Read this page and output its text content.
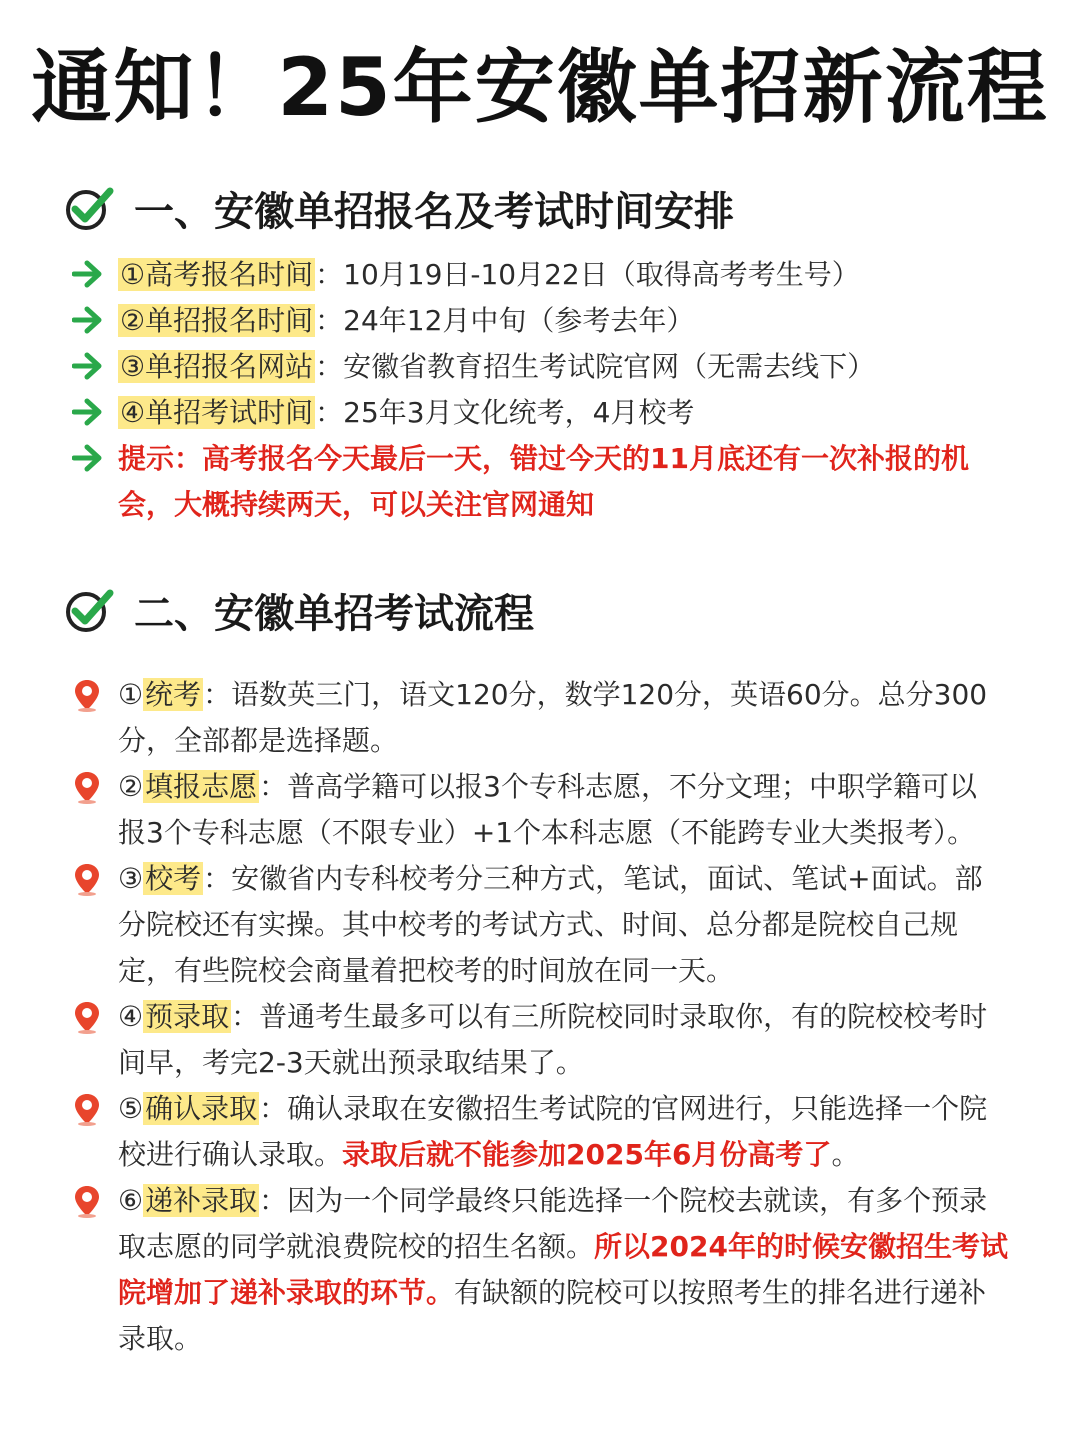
通知！25年安徽单招新流程
一、安徽单招报名及考试时间安排
①高考报名时间：10月19日-10月22日（取得高考考生号）
②单招报名时间：24年12月中旬（参考去年）
③单招报名网站：安徽省教育招生考试院官网（无需去线下）
④单招考试时间：25年3月文化统考，4月校考
提示：高考报名今天最后一天，错过今天的11月底还有一次补报的机
会，大概持续两天，可以关注官网通知
二、安徽单招考试流程
①统考：语数英三门，语文120分，数学120分，英语60分。总分300
分，全部都是选择题。
②填报志愿：普高学籍可以报3个专科志愿，不分文理；中职学籍可以
报3个专科志愿（不限专业）+1个本科志愿（不能跨专业大类报考）。
③校考：安徽省内专科校考分三种方式，笔试，面试、笔试+面试。部
分院校还有实操。其中校考的考试方式、时间、总分都是院校自己规
定，有些院校会商量着把校考的时间放在同一天。
④预录取：普通考生最多可以有三所院校同时录取你，有的院校校考时
间早，考完2-3天就出预录取结果了。
⑤确认录取：确认录取在安徽招生考试院的官网进行，只能选择一个院
校进行确认录取。录取后就不能参加2025年6月份高考了。
⑥递补录取：因为一个同学最终只能选择一个院校去就读，有多个预录
取志愿的同学就浪费院校的招生名额。所以2024年的时候安徽招生考试
院增加了递补录取的环节。有缺额的院校可以按照考生的排名进行递补
录取。
